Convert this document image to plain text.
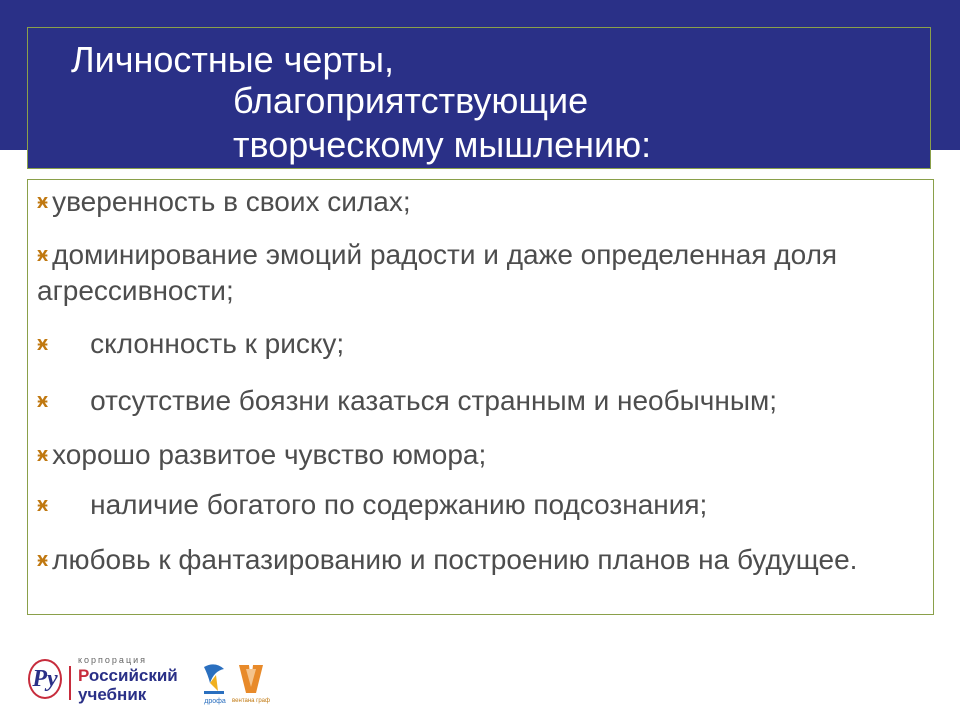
Личностные черты,
благоприятствующие
творческому мышлению:
ӿ уверенность в своих силах;
ӿ доминирование эмоций радости и даже определенная доля агрессивности;
ӿ склонность к риску;
ӿ отсутствие боязни казаться странным и необычным;
ӿ хорошо развитое чувство юмора;
ӿ наличие богатого по содержанию подсознания;
ӿ любовь к фантазированию и построению планов на будущее.
Ру
корпорация
Российский
учебник	дрофа вентана граф
